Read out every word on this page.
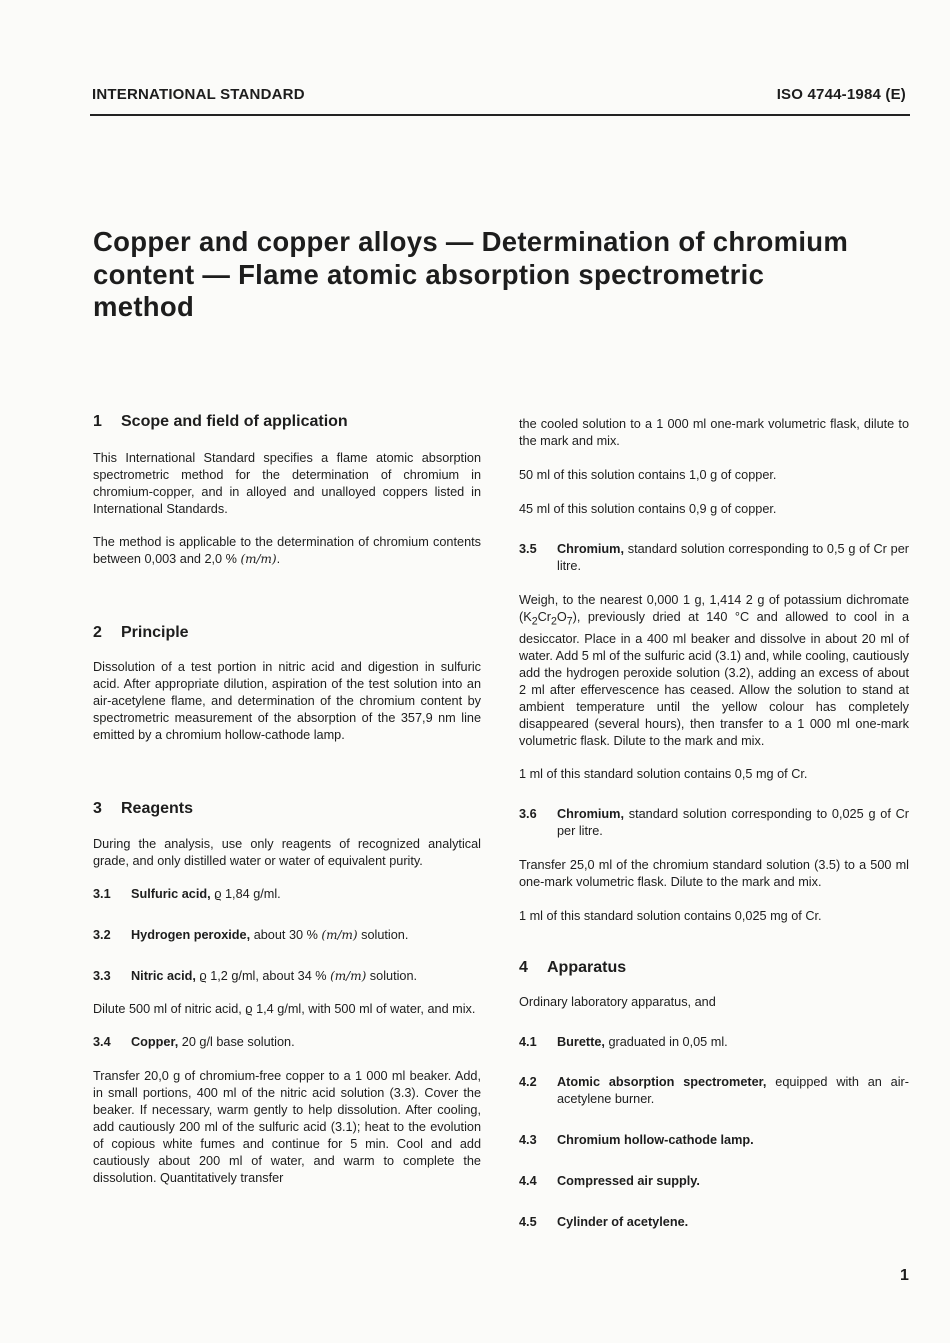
INTERNATIONAL STANDARD	ISO 4744-1984 (E)
Copper and copper alloys — Determination of chromium
content — Flame atomic absorption spectrometric
method
1	Scope and field of application

This International Standard specifies a flame atomic absorption spectrometric method for the determination of chromium in chromium-copper, and in alloyed and unalloyed coppers listed in International Standards.

The method is applicable to the determination of chromium contents between 0,003 and 2,0 % (m/m).

2	Principle

Dissolution of a test portion in nitric acid and digestion in sulfuric acid. After appropriate dilution, aspiration of the test solution into an air-acetylene flame, and determination of the chromium content by spectrometric measurement of the absorption of the 357,9 nm line emitted by a chromium hollow-cathode lamp.

3	Reagents

During the analysis, use only reagents of recognized analytical grade, and only distilled water or water of equivalent purity.

3.1	Sulfuric acid, ϱ 1,84 g/ml.
3.2	Hydrogen peroxide, about 30 % (m/m) solution.
3.3	Nitric acid, ϱ 1,2 g/ml, about 34 % (m/m) solution.

Dilute 500 ml of nitric acid, ϱ 1,4 g/ml, with 500 ml of water, and mix.

3.4	Copper, 20 g/l base solution.

Transfer 20,0 g of chromium-free copper to a 1 000 ml beaker. Add, in small portions, 400 ml of the nitric acid solution (3.3). Cover the beaker. If necessary, warm gently to help dissolution. After cooling, add cautiously 200 ml of the sulfuric acid (3.1); heat to the evolution of copious white fumes and continue for 5 min. Cool and add cautiously about 200 ml of water, and warm to complete the dissolution. Quantitatively transfer

the cooled solution to a 1 000 ml one-mark volumetric flask, dilute to the mark and mix.

50 ml of this solution contains 1,0 g of copper.

45 ml of this solution contains 0,9 g of copper.

3.5	Chromium, standard solution corresponding to 0,5 g of Cr per litre.

Weigh, to the nearest 0,000 1 g, 1,414 2 g of potassium dichromate $(K_2Cr_2O_7)$, previously dried at 140 °C and allowed to cool in a desiccator. Place in a 400 ml beaker and dissolve in about 20 ml of water. Add 5 ml of the sulfuric acid (3.1) and, while cooling, cautiously add the hydrogen peroxide solution (3.2), adding an excess of about 2 ml after effervescence has ceased. Allow the solution to stand at ambient temperature until the yellow colour has completely disappeared (several hours), then transfer to a 1 000 ml one-mark volumetric flask. Dilute to the mark and mix.

1 ml of this standard solution contains 0,5 mg of Cr.

3.6	Chromium, standard solution corresponding to 0,025 g of Cr per litre.

Transfer 25,0 ml of the chromium standard solution (3.5) to a 500 ml one-mark volumetric flask. Dilute to the mark and mix.

1 ml of this standard solution contains 0,025 mg of Cr.

4	Apparatus

Ordinary laboratory apparatus, and

4.1	Burette, graduated in 0,05 ml.
4.2	Atomic absorption spectrometer, equipped with an air-acetylene burner.
4.3	Chromium hollow-cathode lamp.
4.4	Compressed air supply.
4.5	Cylinder of acetylene.
1
